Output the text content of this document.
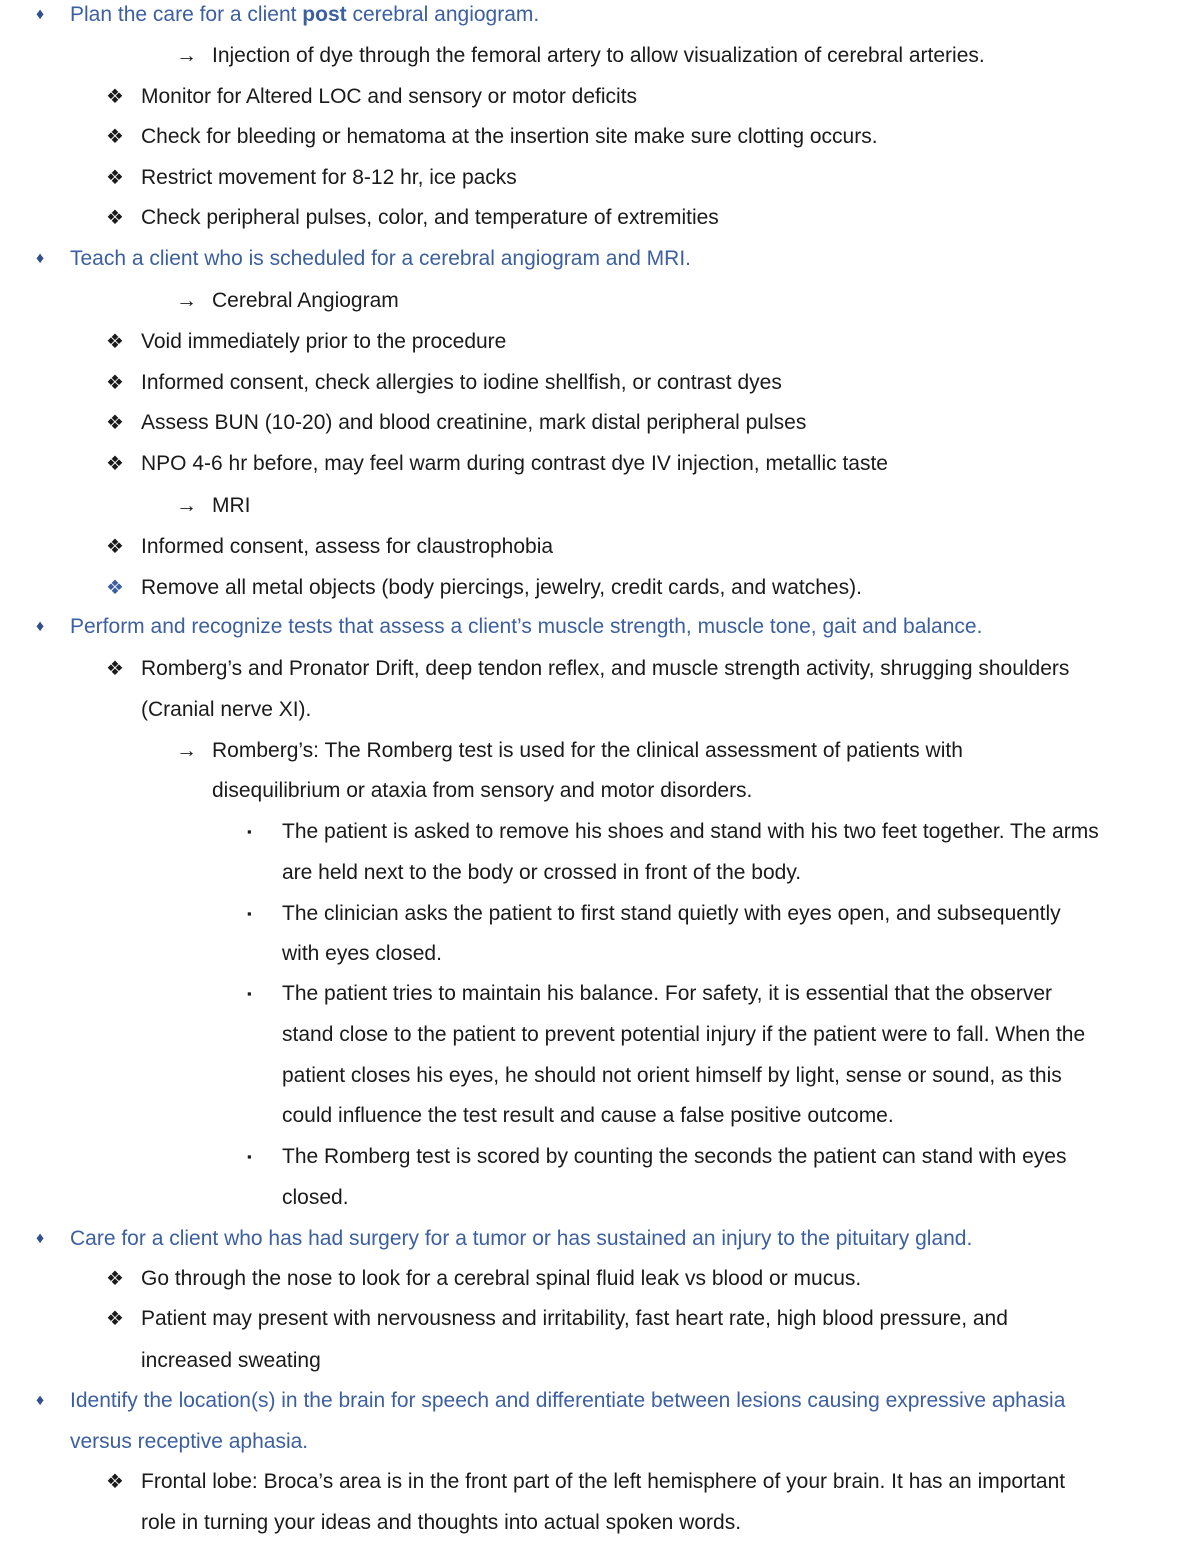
♦ Plan the care for a client post cerebral angiogram.
→ Injection of dye through the femoral artery to allow visualization of cerebral arteries.
❖ Monitor for Altered LOC and sensory or motor deficits
❖ Check for bleeding or hematoma at the insertion site make sure clotting occurs.
❖ Restrict movement for 8-12 hr, ice packs
❖ Check peripheral pulses, color, and temperature of extremities
♦ Teach a client who is scheduled for a cerebral angiogram and MRI.
→ Cerebral Angiogram
❖ Void immediately prior to the procedure
❖ Informed consent, check allergies to iodine shellfish, or contrast dyes
❖ Assess BUN (10-20) and blood creatinine, mark distal peripheral pulses
❖ NPO 4-6 hr before, may feel warm during contrast dye IV injection, metallic taste
→ MRI
❖ Informed consent, assess for claustrophobia
❖ Remove all metal objects (body piercings, jewelry, credit cards, and watches).
♦ Perform and recognize tests that assess a client’s muscle strength, muscle tone, gait and balance.
❖ Romberg’s and Pronator Drift, deep tendon reflex, and muscle strength activity, shrugging shoulders
(Cranial nerve XI).
→ Romberg’s: The Romberg test is used for the clinical assessment of patients with
disequilibrium or ataxia from sensory and motor disorders.
▪ The patient is asked to remove his shoes and stand with his two feet together. The arms
are held next to the body or crossed in front of the body.
▪ The clinician asks the patient to first stand quietly with eyes open, and subsequently
with eyes closed.
▪ The patient tries to maintain his balance. For safety, it is essential that the observer
stand close to the patient to prevent potential injury if the patient were to fall. When the
patient closes his eyes, he should not orient himself by light, sense or sound, as this
could influence the test result and cause a false positive outcome.
▪ The Romberg test is scored by counting the seconds the patient can stand with eyes
closed.
♦ Care for a client who has had surgery for a tumor or has sustained an injury to the pituitary gland.
❖ Go through the nose to look for a cerebral spinal fluid leak vs blood or mucus.
❖ Patient may present with nervousness and irritability, fast heart rate, high blood pressure, and
increased sweating
♦ Identify the location(s) in the brain for speech and differentiate between lesions causing expressive aphasia
versus receptive aphasia.
❖ Frontal lobe: Broca’s area is in the front part of the left hemisphere of your brain. It has an important
role in turning your ideas and thoughts into actual spoken words.
